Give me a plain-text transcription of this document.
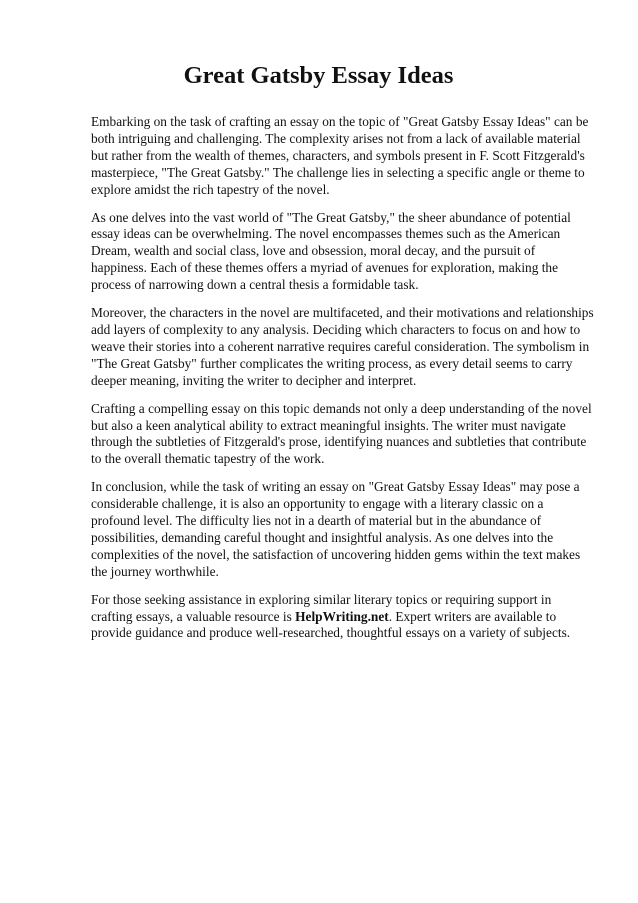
Great Gatsby Essay Ideas

Embarking on the task of crafting an essay on the topic of "Great Gatsby Essay Ideas" can be both intriguing and challenging. The complexity arises not from a lack of available material but rather from the wealth of themes, characters, and symbols present in F. Scott Fitzgerald's masterpiece, "The Great Gatsby." The challenge lies in selecting a specific angle or theme to explore amidst the rich tapestry of the novel.

As one delves into the vast world of "The Great Gatsby," the sheer abundance of potential essay ideas can be overwhelming. The novel encompasses themes such as the American Dream, wealth and social class, love and obsession, moral decay, and the pursuit of happiness. Each of these themes offers a myriad of avenues for exploration, making the process of narrowing down a central thesis a formidable task.

Moreover, the characters in the novel are multifaceted, and their motivations and relationships add layers of complexity to any analysis. Deciding which characters to focus on and how to weave their stories into a coherent narrative requires careful consideration. The symbolism in "The Great Gatsby" further complicates the writing process, as every detail seems to carry deeper meaning, inviting the writer to decipher and interpret.

Crafting a compelling essay on this topic demands not only a deep understanding of the novel but also a keen analytical ability to extract meaningful insights. The writer must navigate through the subtleties of Fitzgerald's prose, identifying nuances and subtleties that contribute to the overall thematic tapestry of the work.

In conclusion, while the task of writing an essay on "Great Gatsby Essay Ideas" may pose a considerable challenge, it is also an opportunity to engage with a literary classic on a profound level. The difficulty lies not in a dearth of material but in the abundance of possibilities, demanding careful thought and insightful analysis. As one delves into the complexities of the novel, the satisfaction of uncovering hidden gems within the text makes the journey worthwhile.

For those seeking assistance in exploring similar literary topics or requiring support in crafting essays, a valuable resource is HelpWriting.net. Expert writers are available to provide guidance and produce well-researched, thoughtful essays on a variety of subjects.
